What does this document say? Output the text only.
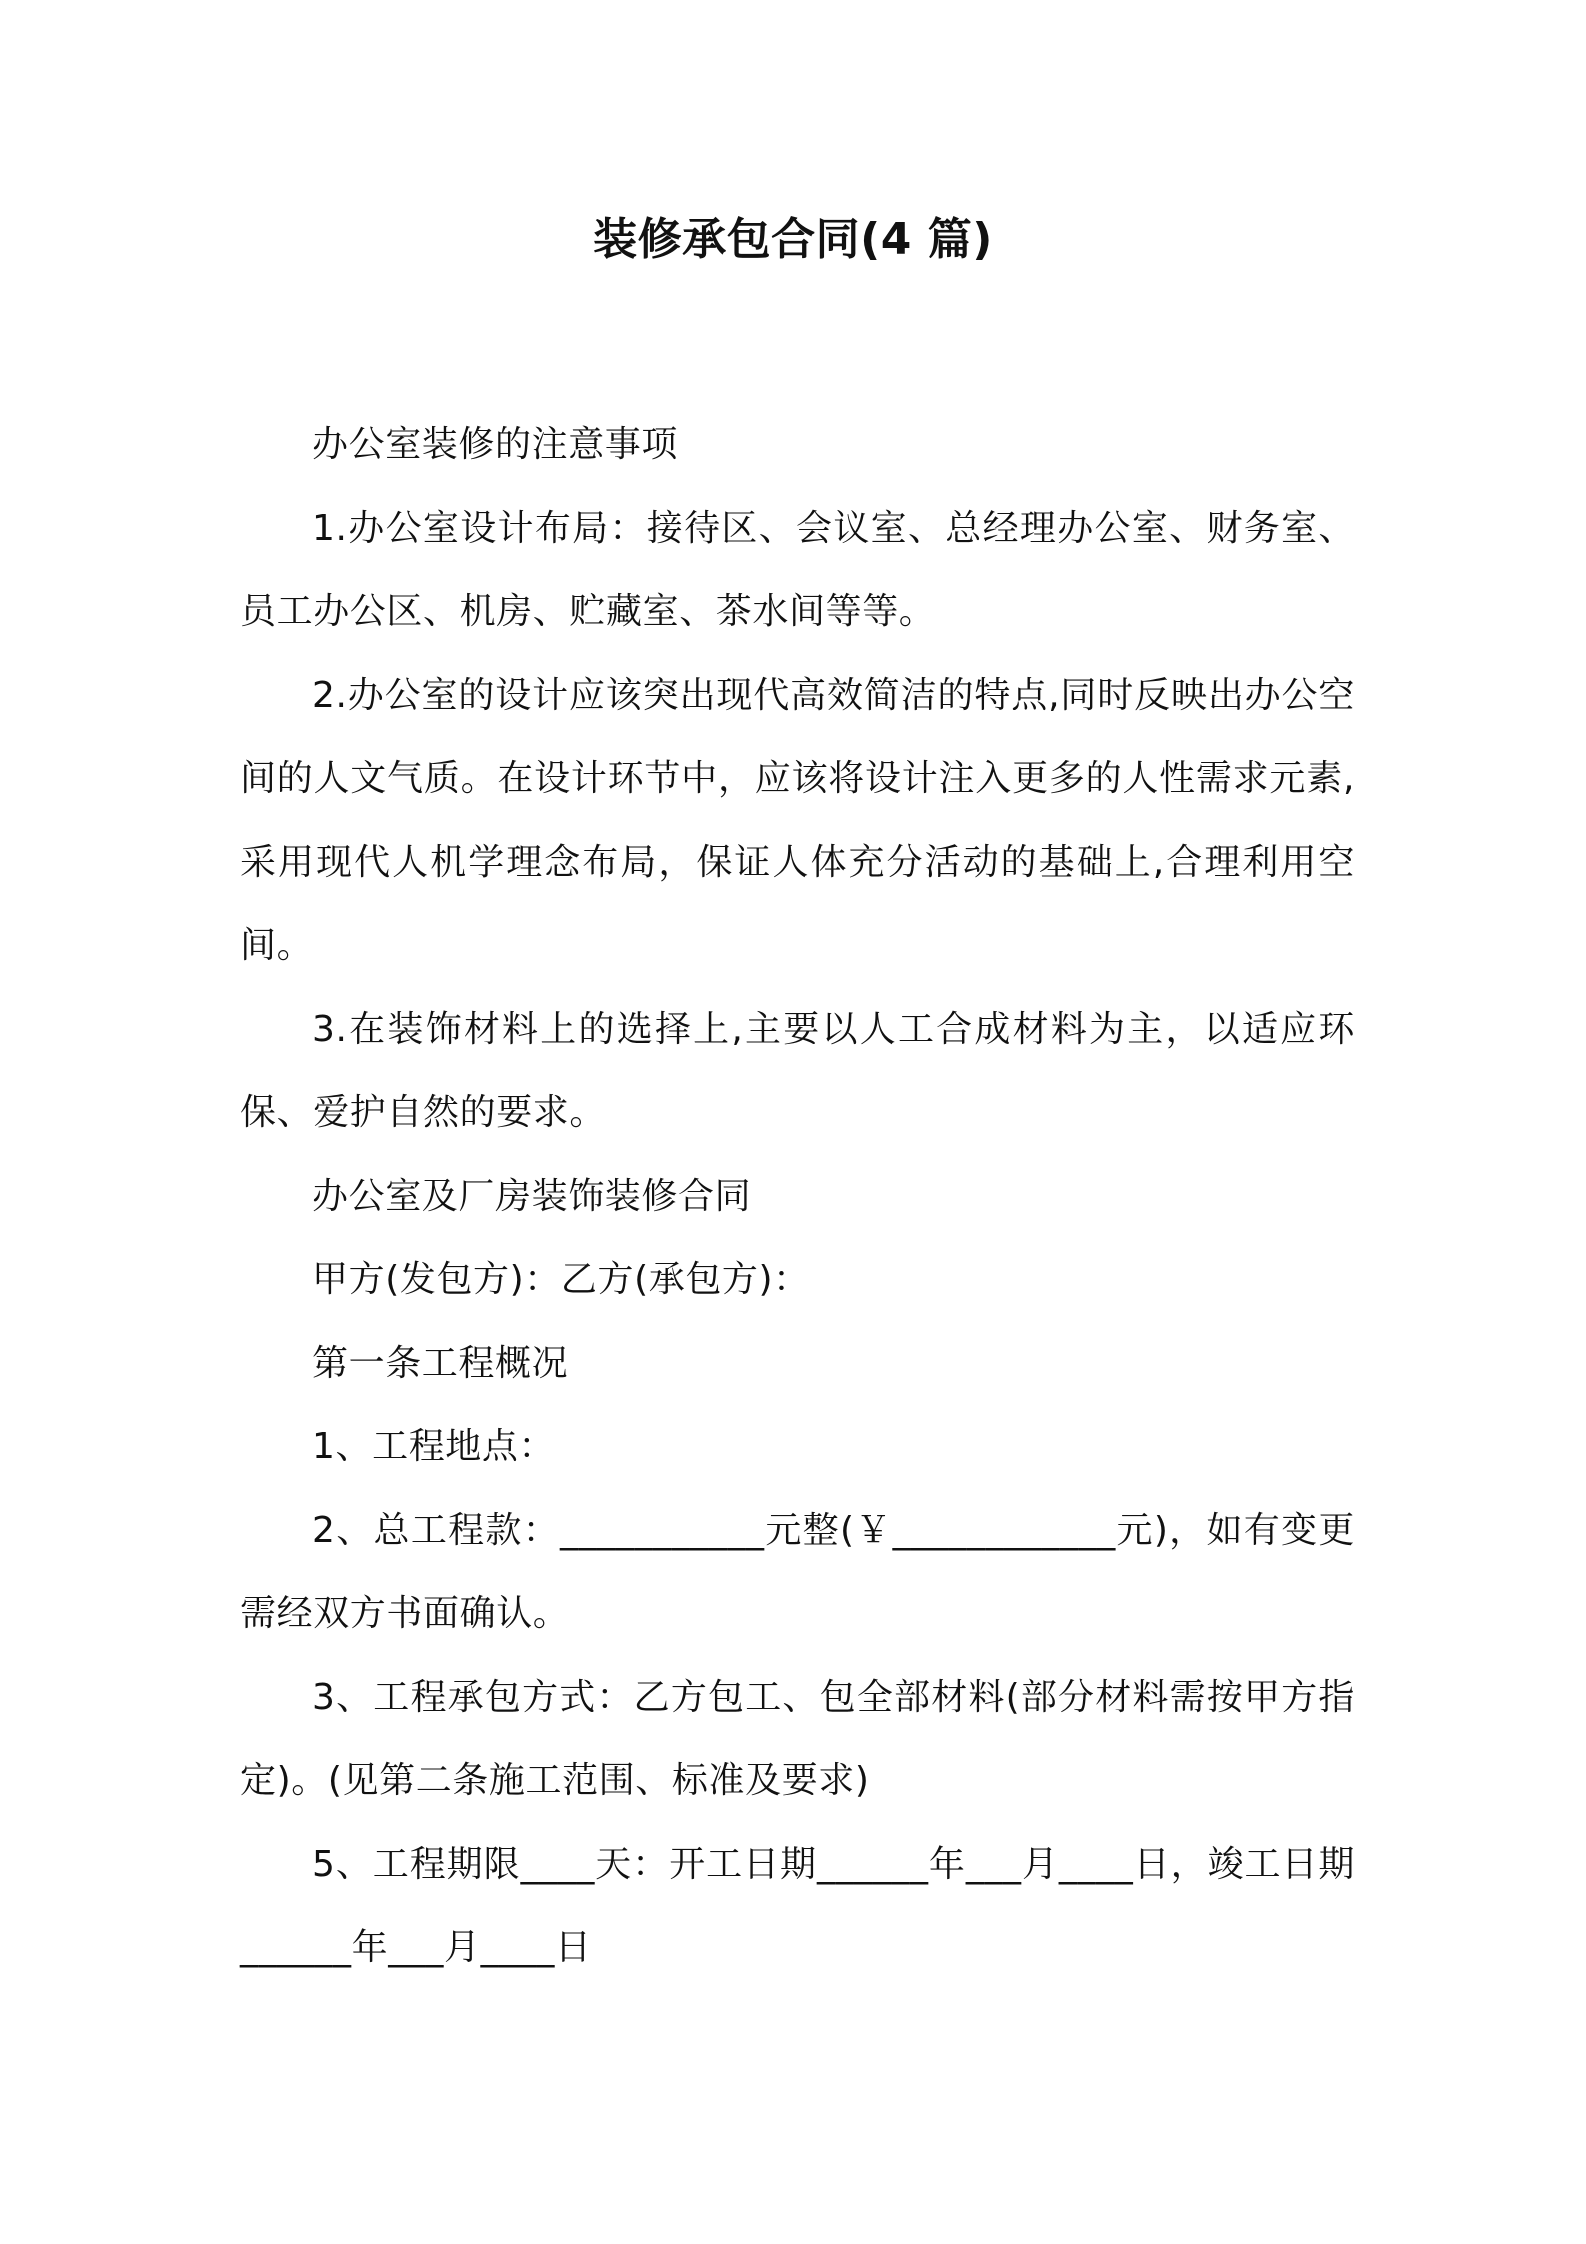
装修承包合同(4 篇)

办公室装修的注意事项

1.办公室设计布局：接待区、会议室、总经理办公室、财务室、员工办公区、机房、贮藏室、茶水间等等。

2.办公室的设计应该突出现代高效简洁的特点,同时反映出办公空间的人文气质。在设计环节中，应该将设计注入更多的人性需求元素,采用现代人机学理念布局，保证人体充分活动的基础上,合理利用空间。

3.在装饰材料上的选择上,主要以人工合成材料为主，以适应环保、爱护自然的要求。

办公室及厂房装饰装修合同

甲方(发包方)：乙方(承包方)：

第一条工程概况

1、工程地点：

2、总工程款：___________元整(￥____________元)，如有变更需经双方书面确认。

3、工程承包方式：乙方包工、包全部材料(部分材料需按甲方指定)。(见第二条施工范围、标准及要求)

5、工程期限____天：开工日期______年___月____日，竣工日期______年___月____日
